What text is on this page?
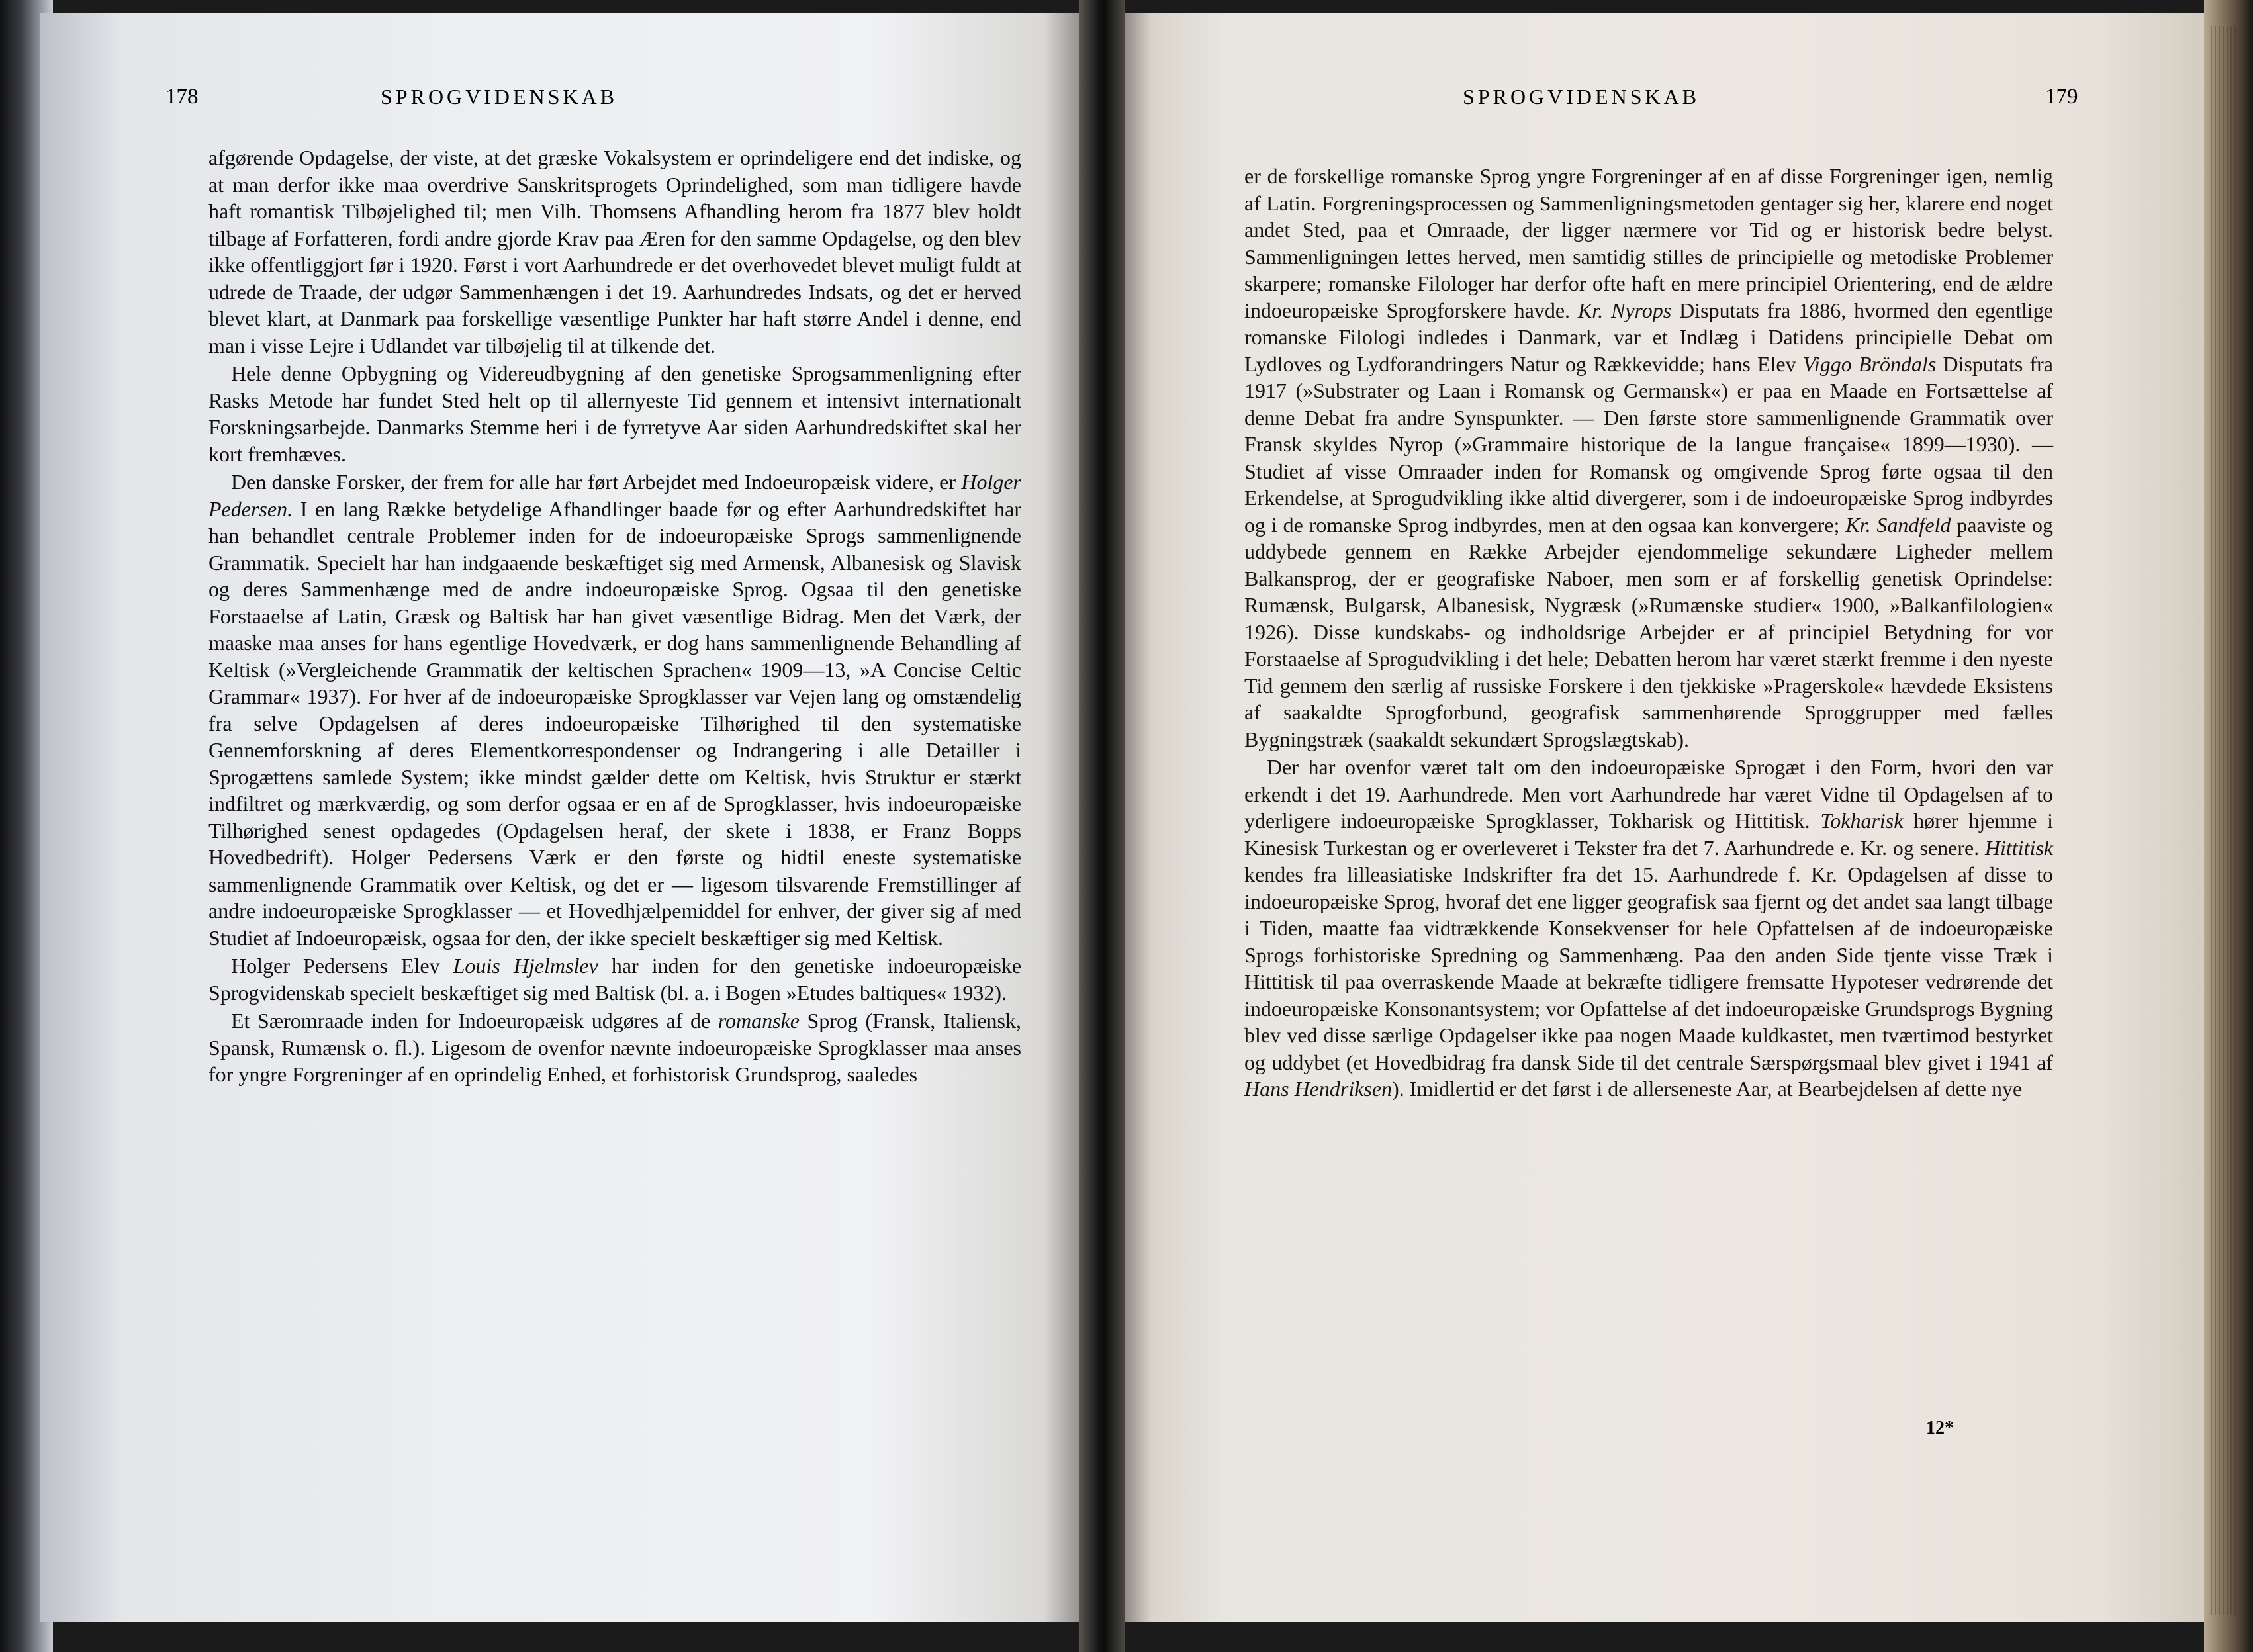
178	SPROGVIDENSKAB

afgørende Opdagelse, der viste, at det græske Vokalsystem er oprindeligere end det indiske, og at man derfor ikke maa overdrive Sanskritsprogets Oprindelighed, som man tidligere havde haft romantisk Tilbøjelighed til; men Vilh. Thomsens Afhandling herom fra 1877 blev holdt tilbage af Forfatteren, fordi andre gjorde Krav paa Æren for den samme Opdagelse, og den blev ikke offentliggjort før i 1920. Først i vort Aarhundrede er det overhovedet blevet muligt fuldt at udrede de Traade, der udgør Sammenhængen i det 19. Aarhundredes Indsats, og det er herved blevet klart, at Danmark paa forskellige væsentlige Punkter har haft større Andel i denne, end man i visse Lejre i Udlandet var tilbøjelig til at tilkende det.

Hele denne Opbygning og Videreudbygning af den genetiske Sprogsammenligning efter Rasks Metode har fundet Sted helt op til allernyeste Tid gennem et intensivt internationalt Forskningsarbejde. Danmarks Stemme heri i de fyrretyve Aar siden Aarhundredskiftet skal her kort fremhæves.

Den danske Forsker, der frem for alle har ført Arbejdet med Indoeuropæisk videre, er Holger Pedersen. I en lang Række betydelige Afhandlinger baade før og efter Aarhundredskiftet har han behandlet centrale Problemer inden for de indoeuropæiske Sprogs sammenlignende Grammatik. Specielt har han indgaaende beskæftiget sig med Armensk, Albanesisk og Slavisk og deres Sammenhænge med de andre indoeuropæiske Sprog. Ogsaa til den genetiske Forstaaelse af Latin, Græsk og Baltisk har han givet væsentlige Bidrag. Men det Værk, der maaske maa anses for hans egentlige Hovedværk, er dog hans sammenlignende Behandling af Keltisk (»Vergleichende Grammatik der keltischen Sprachen« 1909—13, »A Concise Celtic Grammar« 1937). For hver af de indoeuropæiske Sprogklasser var Vejen lang og omstændelig fra selve Opdagelsen af deres indoeuropæiske Tilhørighed til den systematiske Gennemforskning af deres Elementkorrespondenser og Indrangering i alle Detailler i Sprogættens samlede System; ikke mindst gælder dette om Keltisk, hvis Struktur er stærkt indfiltret og mærkværdig, og som derfor ogsaa er en af de Sprogklasser, hvis indoeuropæiske Tilhørighed senest opdagedes (Opdagelsen heraf, der skete i 1838, er Franz Bopps Hovedbedrift). Holger Pedersens Værk er den første og hidtil eneste systematiske sammenlignende Grammatik over Keltisk, og det er — ligesom tilsvarende Fremstillinger af andre indoeuropæiske Sprogklasser — et Hovedhjælpemiddel for enhver, der giver sig af med Studiet af Indoeuropæisk, ogsaa for den, der ikke specielt beskæftiger sig med Keltisk.

Holger Pedersens Elev Louis Hjelmslev har inden for den genetiske indoeuropæiske Sprogvidenskab specielt beskæftiget sig med Baltisk (bl. a. i Bogen »Etudes baltiques« 1932).

Et Særomraade inden for Indoeuropæisk udgøres af de romanske Sprog (Fransk, Italiensk, Spansk, Rumænsk o. fl.). Ligesom de ovenfor nævnte indoeuropæiske Sprogklasser maa anses for yngre Forgreninger af en oprindelig Enhed, et forhistorisk Grundsprog, saaledes

SPROGVIDENSKAB	179

er de forskellige romanske Sprog yngre Forgreninger af en af disse Forgreninger igen, nemlig af Latin. Forgreningsprocessen og Sammenligningsmetoden gentager sig her, klarere end noget andet Sted, paa et Omraade, der ligger nærmere vor Tid og er historisk bedre belyst. Sammenligningen lettes herved, men samtidig stilles de principielle og metodiske Problemer skarpere; romanske Filologer har derfor ofte haft en mere principiel Orientering, end de ældre indoeuropæiske Sprogforskere havde. Kr. Nyrops Disputats fra 1886, hvormed den egentlige romanske Filologi indledes i Danmark, var et Indlæg i Datidens principielle Debat om Lydloves og Lydforandringers Natur og Rækkevidde; hans Elev Viggo Bröndals Disputats fra 1917 (»Substrater og Laan i Romansk og Germansk«) er paa en Maade en Fortsættelse af denne Debat fra andre Synspunkter. — Den første store sammenlignende Grammatik over Fransk skyldes Nyrop (»Grammaire historique de la langue française« 1899—1930). — Studiet af visse Omraader inden for Romansk og omgivende Sprog førte ogsaa til den Erkendelse, at Sprogudvikling ikke altid divergerer, som i de indoeuropæiske Sprog indbyrdes og i de romanske Sprog indbyrdes, men at den ogsaa kan konvergere; Kr. Sandfeld paaviste og uddybede gennem en Række Arbejder ejendommelige sekundære Ligheder mellem Balkansprog, der er geografiske Naboer, men som er af forskellig genetisk Oprindelse: Rumænsk, Bulgarsk, Albanesisk, Nygræsk (»Rumænske studier« 1900, »Balkanfilologien« 1926). Disse kundskabs- og indholdsrige Arbejder er af principiel Betydning for vor Forstaaelse af Sprogudvikling i det hele; Debatten herom har været stærkt fremme i den nyeste Tid gennem den særlig af russiske Forskere i den tjekkiske »Pragerskole« hævdede Eksistens af saakaldte Sprogforbund, geografisk sammenhørende Sproggrupper med fælles Bygningstræk (saakaldt sekundært Sprogslægtskab).

Der har ovenfor været talt om den indoeuropæiske Sprogæt i den Form, hvori den var erkendt i det 19. Aarhundrede. Men vort Aarhundrede har været Vidne til Opdagelsen af to yderligere indoeuropæiske Sprogklasser, Tokharisk og Hittitisk. Tokharisk hører hjemme i Kinesisk Turkestan og er overleveret i Tekster fra det 7. Aarhundrede e. Kr. og senere. Hittitisk kendes fra lilleasiatiske Indskrifter fra det 15. Aarhundrede f. Kr. Opdagelsen af disse to indoeuropæiske Sprog, hvoraf det ene ligger geografisk saa fjernt og det andet saa langt tilbage i Tiden, maatte faa vidtrækkende Konsekvenser for hele Opfattelsen af de indoeuropæiske Sprogs forhistoriske Spredning og Sammenhæng. Paa den anden Side tjente visse Træk i Hittitisk til paa overraskende Maade at bekræfte tidligere fremsatte Hypoteser vedrørende det indoeuropæiske Konsonantsystem; vor Opfattelse af det indoeuropæiske Grundsprogs Bygning blev ved disse særlige Opdagelser ikke paa nogen Maade kuldkastet, men tværtimod bestyrket og uddybet (et Hovedbidrag fra dansk Side til det centrale Særspørgsmaal blev givet i 1941 af Hans Hendriksen). Imidlertid er det først i de allerseneste Aar, at Bearbejdelsen af dette nye

12*
